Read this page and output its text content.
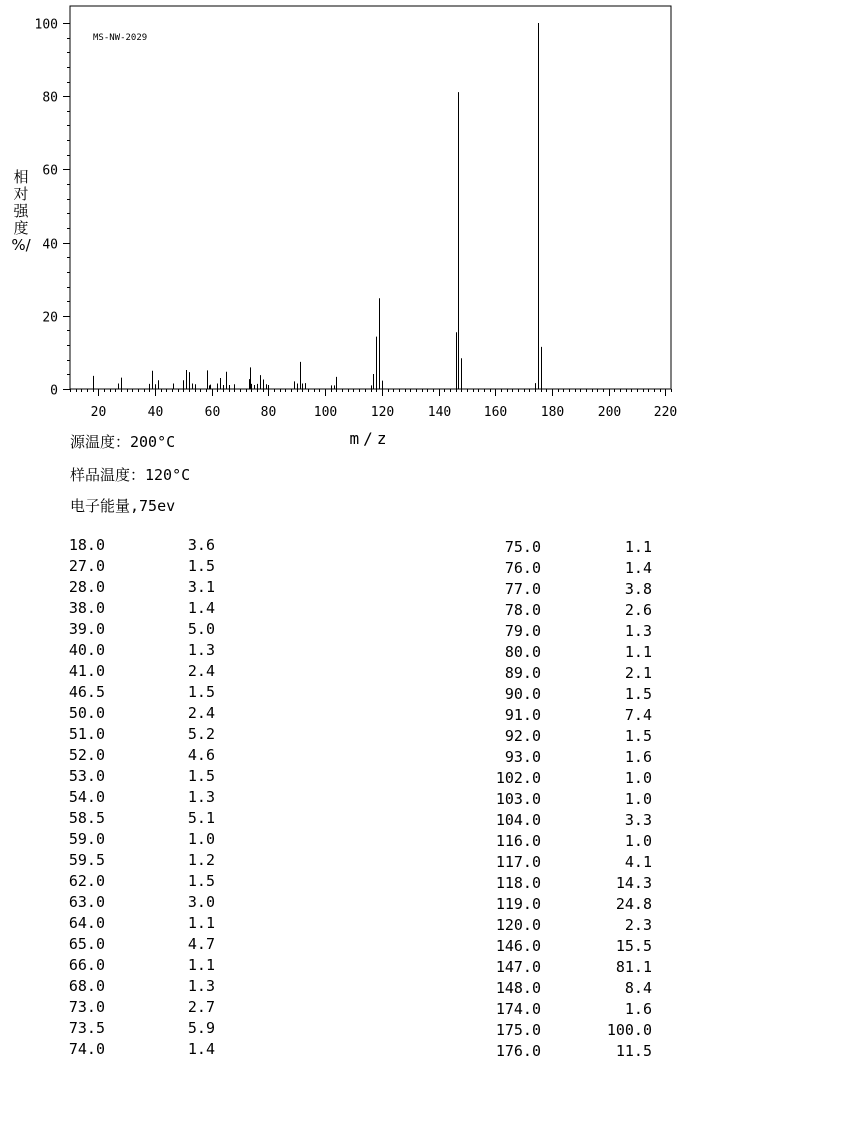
20	40	60	80	100	120	140	160	180	200	220
0
20
40
60
80
100
MS-NW-2029
相
对
强
度
%/
m/z
源温度：200°C
样品温度：120°C
电子能量,75ev
18.0	3.6
27.0	1.5
28.0	3.1
38.0	1.4
39.0	5.0
40.0	1.3
41.0	2.4
46.5	1.5
50.0	2.4
51.0	5.2
52.0	4.6
53.0	1.5
54.0	1.3
58.5	5.1
59.0	1.0
59.5	1.2
62.0	1.5
63.0	3.0
64.0	1.1
65.0	4.7
66.0	1.1
68.0	1.3
73.0	2.7
73.5	5.9
74.0	1.4
75.0	1.1
76.0	1.4
77.0	3.8
78.0	2.6
79.0	1.3
80.0	1.1
89.0	2.1
90.0	1.5
91.0	7.4
92.0	1.5
93.0	1.6
102.0	1.0
103.0	1.0
104.0	3.3
116.0	1.0
117.0	4.1
118.0	14.3
119.0	24.8
120.0	2.3
146.0	15.5
147.0	81.1
148.0	8.4
174.0	1.6
175.0	100.0
176.0	11.5
